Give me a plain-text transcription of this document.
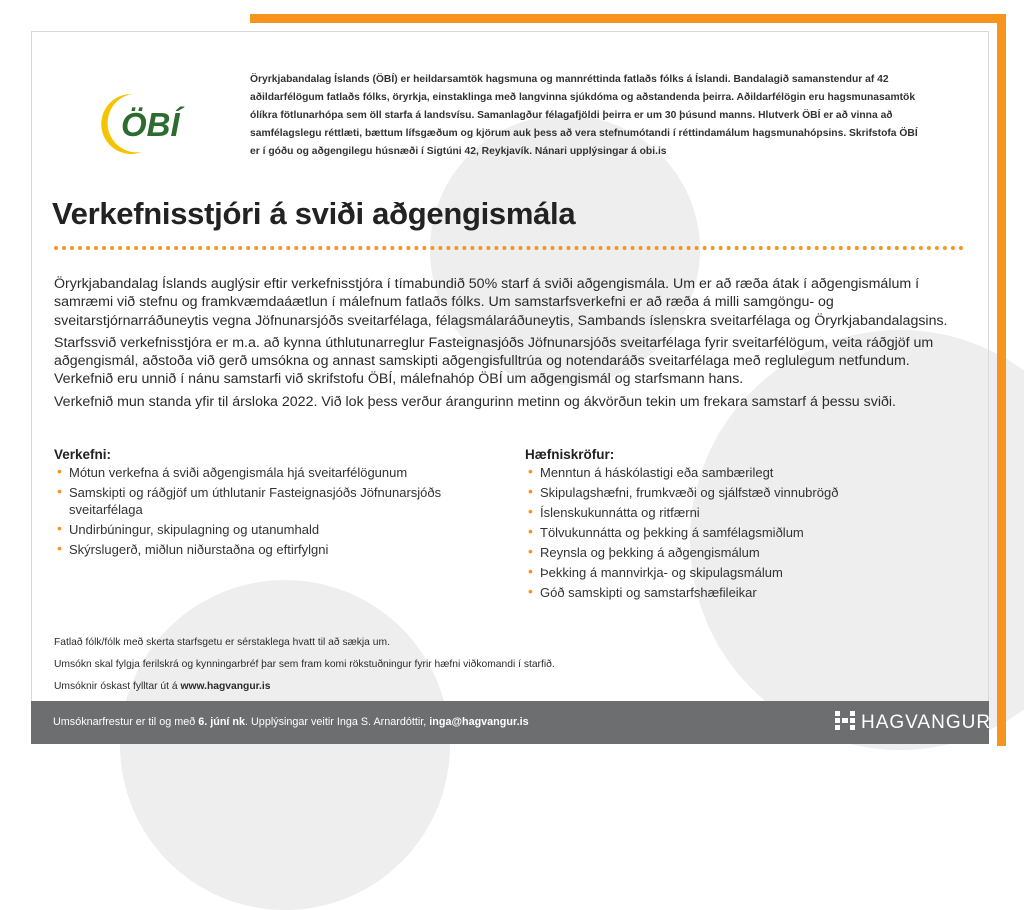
ÖBÍ

Öryrkjabandalag Íslands (ÖBÍ) er heildarsamtök hagsmuna og mannréttinda fatlaðs fólks á Íslandi. Bandalagið samanstendur af 42 aðildarfélögum fatlaðs fólks, öryrkja, einstaklinga með langvinna sjúkdóma og aðstandenda þeirra. Aðildarfélögin eru hagsmunasamtök ólíkra fötlunarhópa sem öll starfa á landsvísu. Samanlagður félagafjöldi þeirra er um 30 þúsund manns. Hlutverk ÖBÍ er að vinna að samfélagslegu réttlæti, bættum lífsgæðum og kjörum auk þess að vera stefnumótandi í réttindamálum hagsmunahópsins. Skrifstofa ÖBÍ er í góðu og aðgengilegu húsnæði í Sigtúni 42, Reykjavík. Nánari upplýsingar á obi.is

Verkefnisstjóri á sviði aðgengismála

Öryrkjabandalag Íslands auglýsir eftir verkefnisstjóra í tímabundið 50% starf á sviði aðgengismála. Um er að ræða átak í aðgengismálum í samræmi við stefnu og framkvæmdaáætlun í málefnum fatlaðs fólks. Um samstarfsverkefni er að ræða á milli samgöngu- og sveitarstjórnarráðuneytis vegna Jöfnunarsjóðs sveitarfélaga, félagsmálaráðuneytis, Sambands íslenskra sveitarfélaga og Öryrkjabandalagsins.

Starfssvið verkefnisstjóra er m.a. að kynna úthlutunarreglur Fasteignasjóðs Jöfnunarsjóðs sveitarfélaga fyrir sveitarfélögum, veita ráðgjöf um aðgengismál, aðstoða við gerð umsókna og annast samskipti aðgengisfulltrúa og notendaráðs sveitarfélaga með reglulegum netfundum. Verkefnið eru unnið í nánu samstarfi við skrifstofu ÖBÍ, málefnahóp ÖBÍ um aðgengismál og starfsmann hans.

Verkefnið mun standa yfir til ársloka 2022. Við lok þess verður árangurinn metinn og ákvörðun tekin um frekara samstarf á þessu sviði.

Verkefni:
• Mótun verkefna á sviði aðgengismála hjá sveitarfélögunum
• Samskipti og ráðgjöf um úthlutanir Fasteignasjóðs Jöfnunarsjóðs sveitarfélaga
• Undirbúningur, skipulagning og utanumhald
• Skýrslugerð, miðlun niðurstaðna og eftirfylgni
Hæfniskröfur:
• Menntun á háskólastigi eða sambærilegt
• Skipulagshæfni, frumkvæði og sjálfstæð vinnubrögð
• Íslenskukunnátta og ritfærni
• Tölvukunnátta og þekking á samfélagsmiðlum
• Reynsla og þekking á aðgengismálum
• Þekking á mannvirkja- og skipulagsmálum
• Góð samskipti og samstarfshæfileikar

Fatlað fólk/fólk með skerta starfsgetu er sérstaklega hvatt til að sækja um.

Umsókn skal fylgja ferilskrá og kynningarbréf þar sem fram komi rökstuðningur fyrir hæfni viðkomandi í starfið.

Umsóknir óskast fylltar út á www.hagvangur.is

Umsóknarfrestur er til og með 6. júní nk. Upplýsingar veitir Inga S. Arnardóttir, inga@hagvangur.is	HAGVANGUR
